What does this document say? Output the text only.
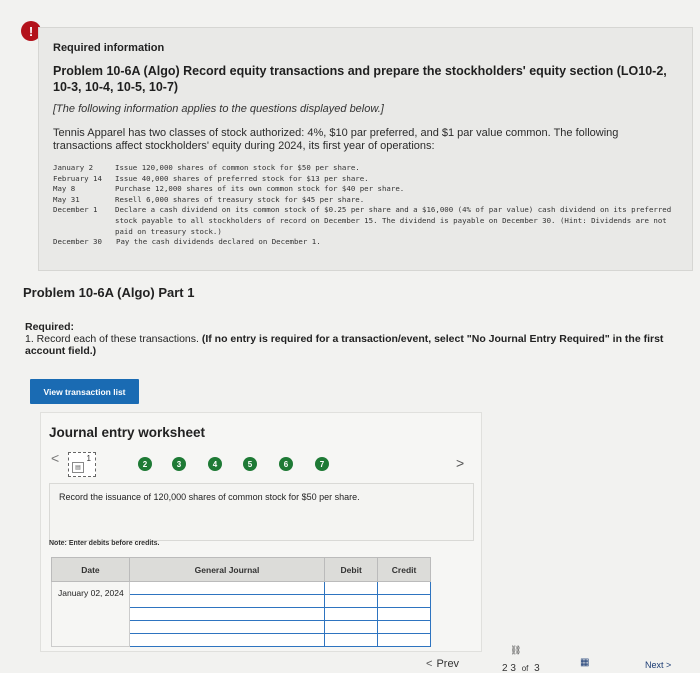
!
Required information
Problem 10-6A (Algo) Record equity transactions and prepare the stockholders' equity section (LO10-2, 10-3, 10-4, 10-5, 10-7)
[The following information applies to the questions displayed below.]
Tennis Apparel has two classes of stock authorized: 4%, $10 par preferred, and $1 par value common. The following transactions affect stockholders' equity during 2024, its first year of operations:
January 2	Issue 120,000 shares of common stock for $50 per share.
February 14	Issue 40,000 shares of preferred stock for $13 per share.
May 8	Purchase 12,000 shares of its own common stock for $40 per share.
May 31	Resell 6,000 shares of treasury stock for $45 per share.
December 1	Declare a cash dividend on its common stock of $0.25 per share and a $16,000 (4% of par value) cash dividend on its preferred stock payable to all stockholders of record on December 15. The dividend is payable on December 30. (Hint: Dividends are not paid on treasury stock.)
December 30	Pay the cash dividends declared on December 1.
Problem 10-6A (Algo) Part 1
Required:
1. Record each of these transactions. (If no entry is required for a transaction/event, select "No Journal Entry Required" in the first account field.)
View transaction list
Journal entry worksheet
<	1
▤	2	3	4	5	6	7	>
Record the issuance of 120,000 shares of common stock for $50 per share.
Note: Enter debits before credits.
Date	General Journal	Debit	Credit
January 02, 2024			

< Prev
⛓
2 3 of 3
▦	Next >
